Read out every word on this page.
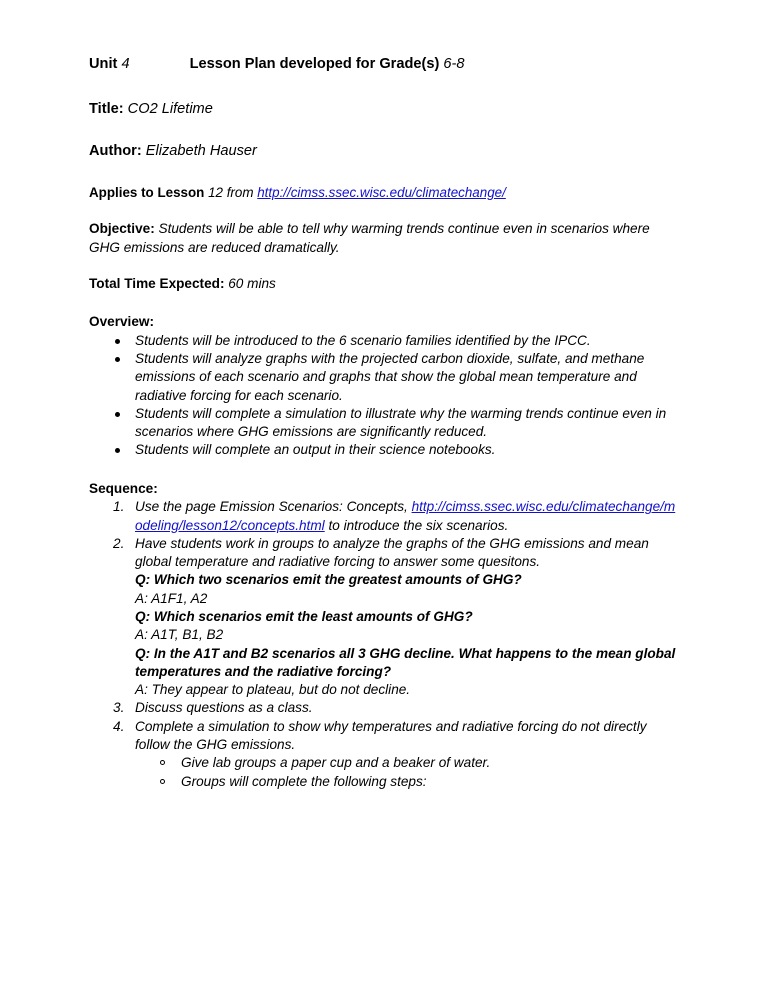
Unit 4	Lesson Plan developed for Grade(s) 6-8
Title: CO2 Lifetime
Author: Elizabeth Hauser
Applies to Lesson 12 from http://cimss.ssec.wisc.edu/climatechange/
Objective: Students will be able to tell why warming trends continue even in scenarios where GHG emissions are reduced dramatically.
Total Time Expected: 60 mins
Overview:
Students will be introduced to the 6 scenario families identified by the IPCC.
Students will analyze graphs with the projected carbon dioxide, sulfate, and methane emissions of each scenario and graphs that show the global mean temperature and radiative forcing for each scenario.
Students will complete a simulation to illustrate why the warming trends continue even in scenarios where GHG emissions are significantly reduced.
Students will complete an output in their science notebooks.
Sequence:
Use the page Emission Scenarios: Concepts, http://cimss.ssec.wisc.edu/climatechange/modeling/lesson12/concepts.html to introduce the six scenarios.
Have students work in groups to analyze the graphs of the GHG emissions and mean global temperature and radiative forcing to answer some quesitons.
Q: Which two scenarios emit the greatest amounts of GHG?
A: A1F1, A2
Q: Which scenarios emit the least amounts of GHG?
A: A1T, B1, B2
Q: In the A1T and B2 scenarios all 3 GHG decline. What happens to the mean global temperatures and the radiative forcing?
A: They appear to plateau, but do not decline.
Discuss questions as a class.
Complete a simulation to show why temperatures and radiative forcing do not directly follow the GHG emissions.
Give lab groups a paper cup and a beaker of water.
Groups will complete the following steps:
